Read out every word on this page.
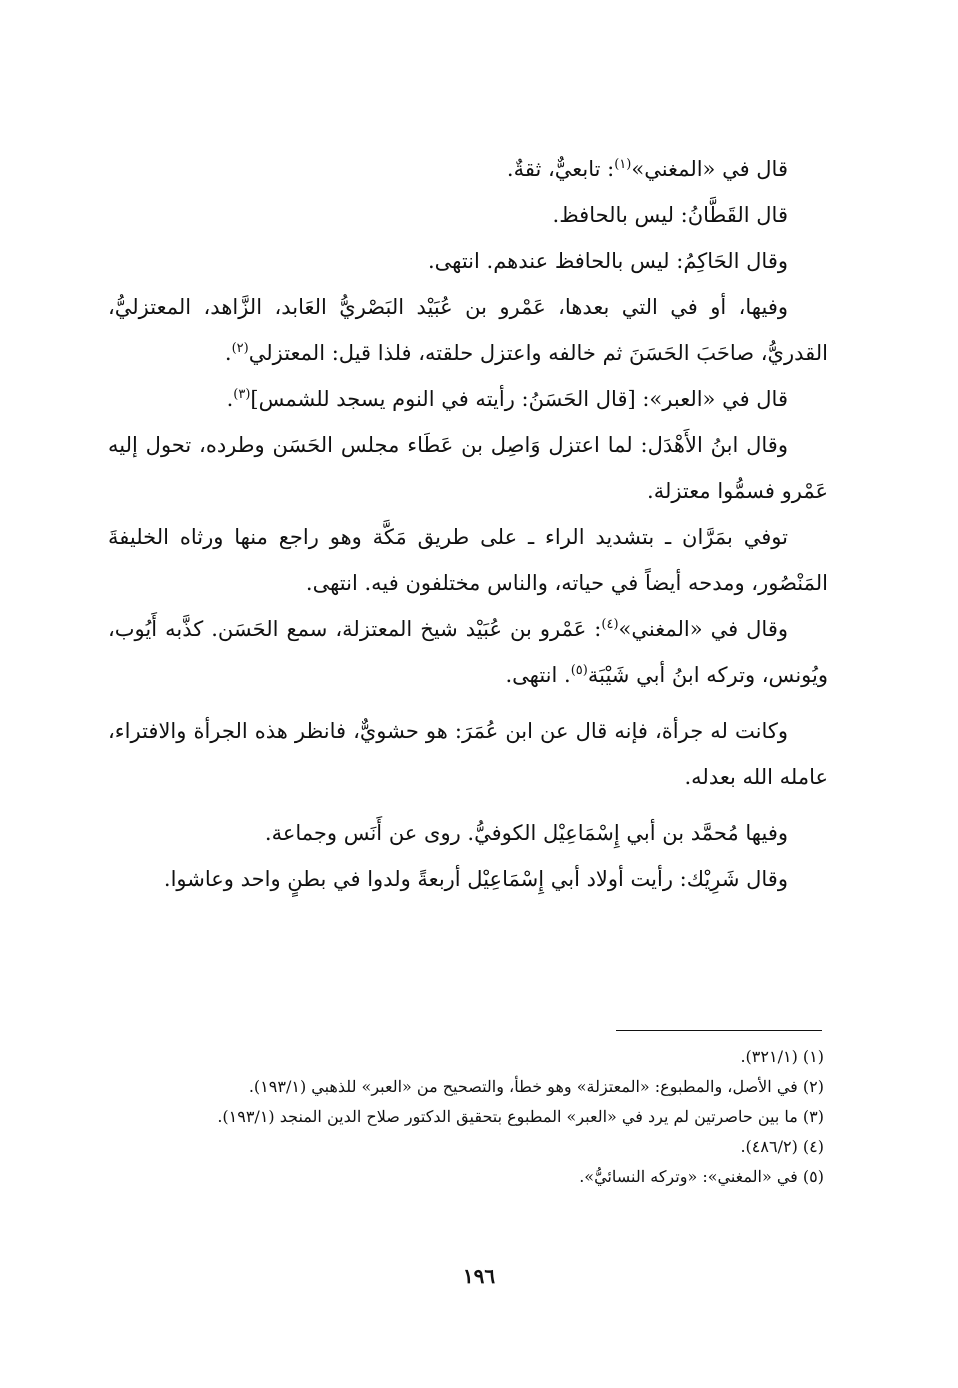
قال في «المغني»$^{(١)}$: تابعيٌّ، ثقةٌ.

قال القَطَّانُ: ليس بالحافظ.

وقال الحَاكِمُ: ليس بالحافظ عندهم. انتهى.

وفيها، أو في التي بعدها، عَمْرو بن عُبَيْد البَصْريُّ العَابد، الزَّاهد، المعتزليُّ، القدريُّ، صاحَبَ الحَسَنَ ثم خالفه واعتزل حلقته، فلذا قيل: المعتزلي$^{(٢)}$.

قال في «العبر»: [قال الحَسَنُ: رأيته في النوم يسجد للشمس]$^{(٣)}$.

وقال ابنُ الأَهْدَل: لما اعتزل وَاصِل بن عَطَاء مجلس الحَسَن وطرده، تحول إليه عَمْرو فسمُّوا معتزلة.

توفي بمَرَّان ـ بتشديد الراء ـ على طريق مَكَّة وهو راجع منها ورثاه الخليفةَ المَنْصُور، ومدحه أيضاً في حياته، والناس مختلفون فيه. انتهى.

وقال في «المغني»$^{(٤)}$: عَمْرو بن عُبَيْد شيخ المعتزلة، سمع الحَسَن. كذَّبه أَيُوب، ويُونس، وتركه ابنُ أبي شَيْبَة$^{(٥)}$. انتهى.

وكانت له جرأة، فإنه قال عن ابن عُمَرَ: هو حشويٌّ، فانظر هذه الجرأة والافتراء، عامله الله بعدله.

وفيها مُحمَّد بن أبي إِسْمَاعِيْل الكوفيُّ. روى عن أَنَس وجماعة.

وقال شَرِيْك: رأيت أولاد أبي إِسْمَاعِيْل أربعةً ولدوا في بطنٍ واحد وعاشوا.

(١) (٣٢١/١).

(٢) في الأصل، والمطبوع: «المعتزلة» وهو خطأ، والتصحيح من «العبر» للذهبي (١٩٣/١).

(٣) ما بين حاصرتين لم يرد في «العبر» المطبوع بتحقيق الدكتور صلاح الدين المنجد (١٩٣/١).

(٤) (٤٨٦/٢).

(٥) في «المغني»: «وتركه النسائيُّ».

١٩٦
